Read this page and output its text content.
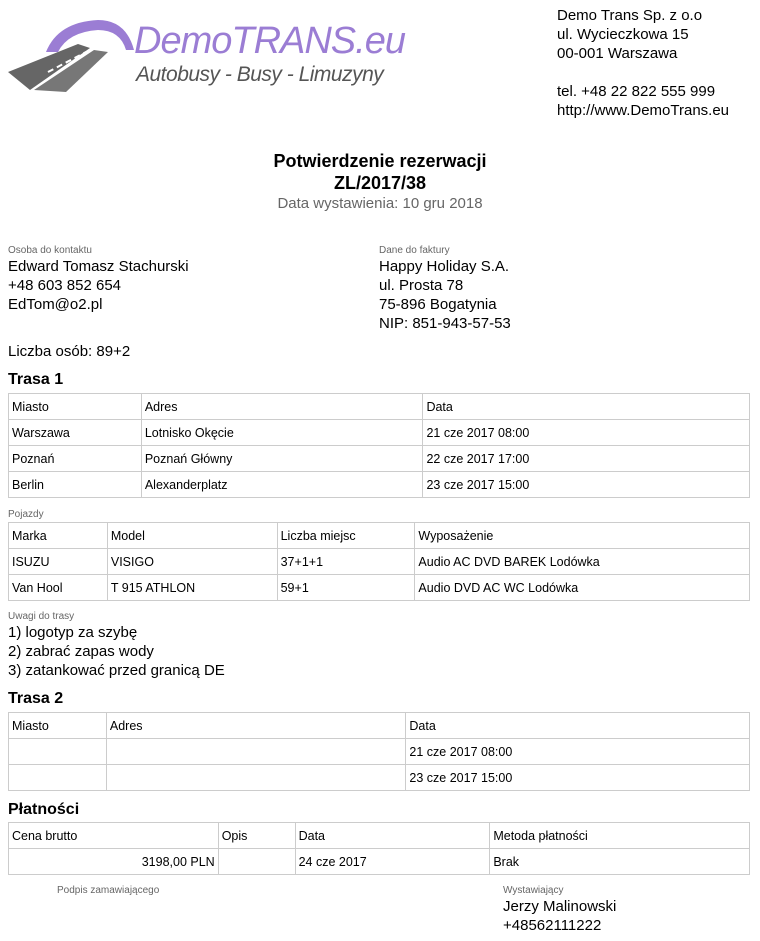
DemoTRANS.eu
Autobusy - Busy - Limuzyny
Demo Trans Sp. z o.o
ul. Wycieczkowa 15
00-001 Warszawa
tel. +48 22 822 555 999
http://www.DemoTrans.eu
Potwierdzenie rezerwacji
ZL/2017/38
Data wystawienia: 10 gru 2018
Osoba do kontaktu
Edward Tomasz Stachurski
+48 603 852 654
EdTom@o2.pl
Dane do faktury
Happy Holiday S.A.
ul. Prosta 78
75-896 Bogatynia
NIP: 851-943-57-53
Liczba osób: 89+2
Trasa 1
Miasto	Adres	Data
Warszawa	Lotnisko Okęcie	21 cze 2017 08:00
Poznań	Poznań Główny	22 cze 2017 17:00
Berlin	Alexanderplatz	23 cze 2017 15:00
Pojazdy
Marka	Model	Liczba miejsc	Wyposażenie
ISUZU	VISIGO	37+1+1	Audio AC DVD BAREK Lodówka
Van Hool	T 915 ATHLON	59+1	Audio DVD AC WC Lodówka
Uwagi do trasy
1) logotyp za szybę
2) zabrać zapas wody
3) zatankować przed granicą DE
Trasa 2
Miasto	Adres	Data
		21 cze 2017 08:00
		23 cze 2017 15:00
Płatności
Cena brutto	Opis	Data	Metoda płatności
3198,00 PLN		24 cze 2017	Brak
Podpis zamawiającego	Wystawiający
Jerzy Malinowski
+48562111222
